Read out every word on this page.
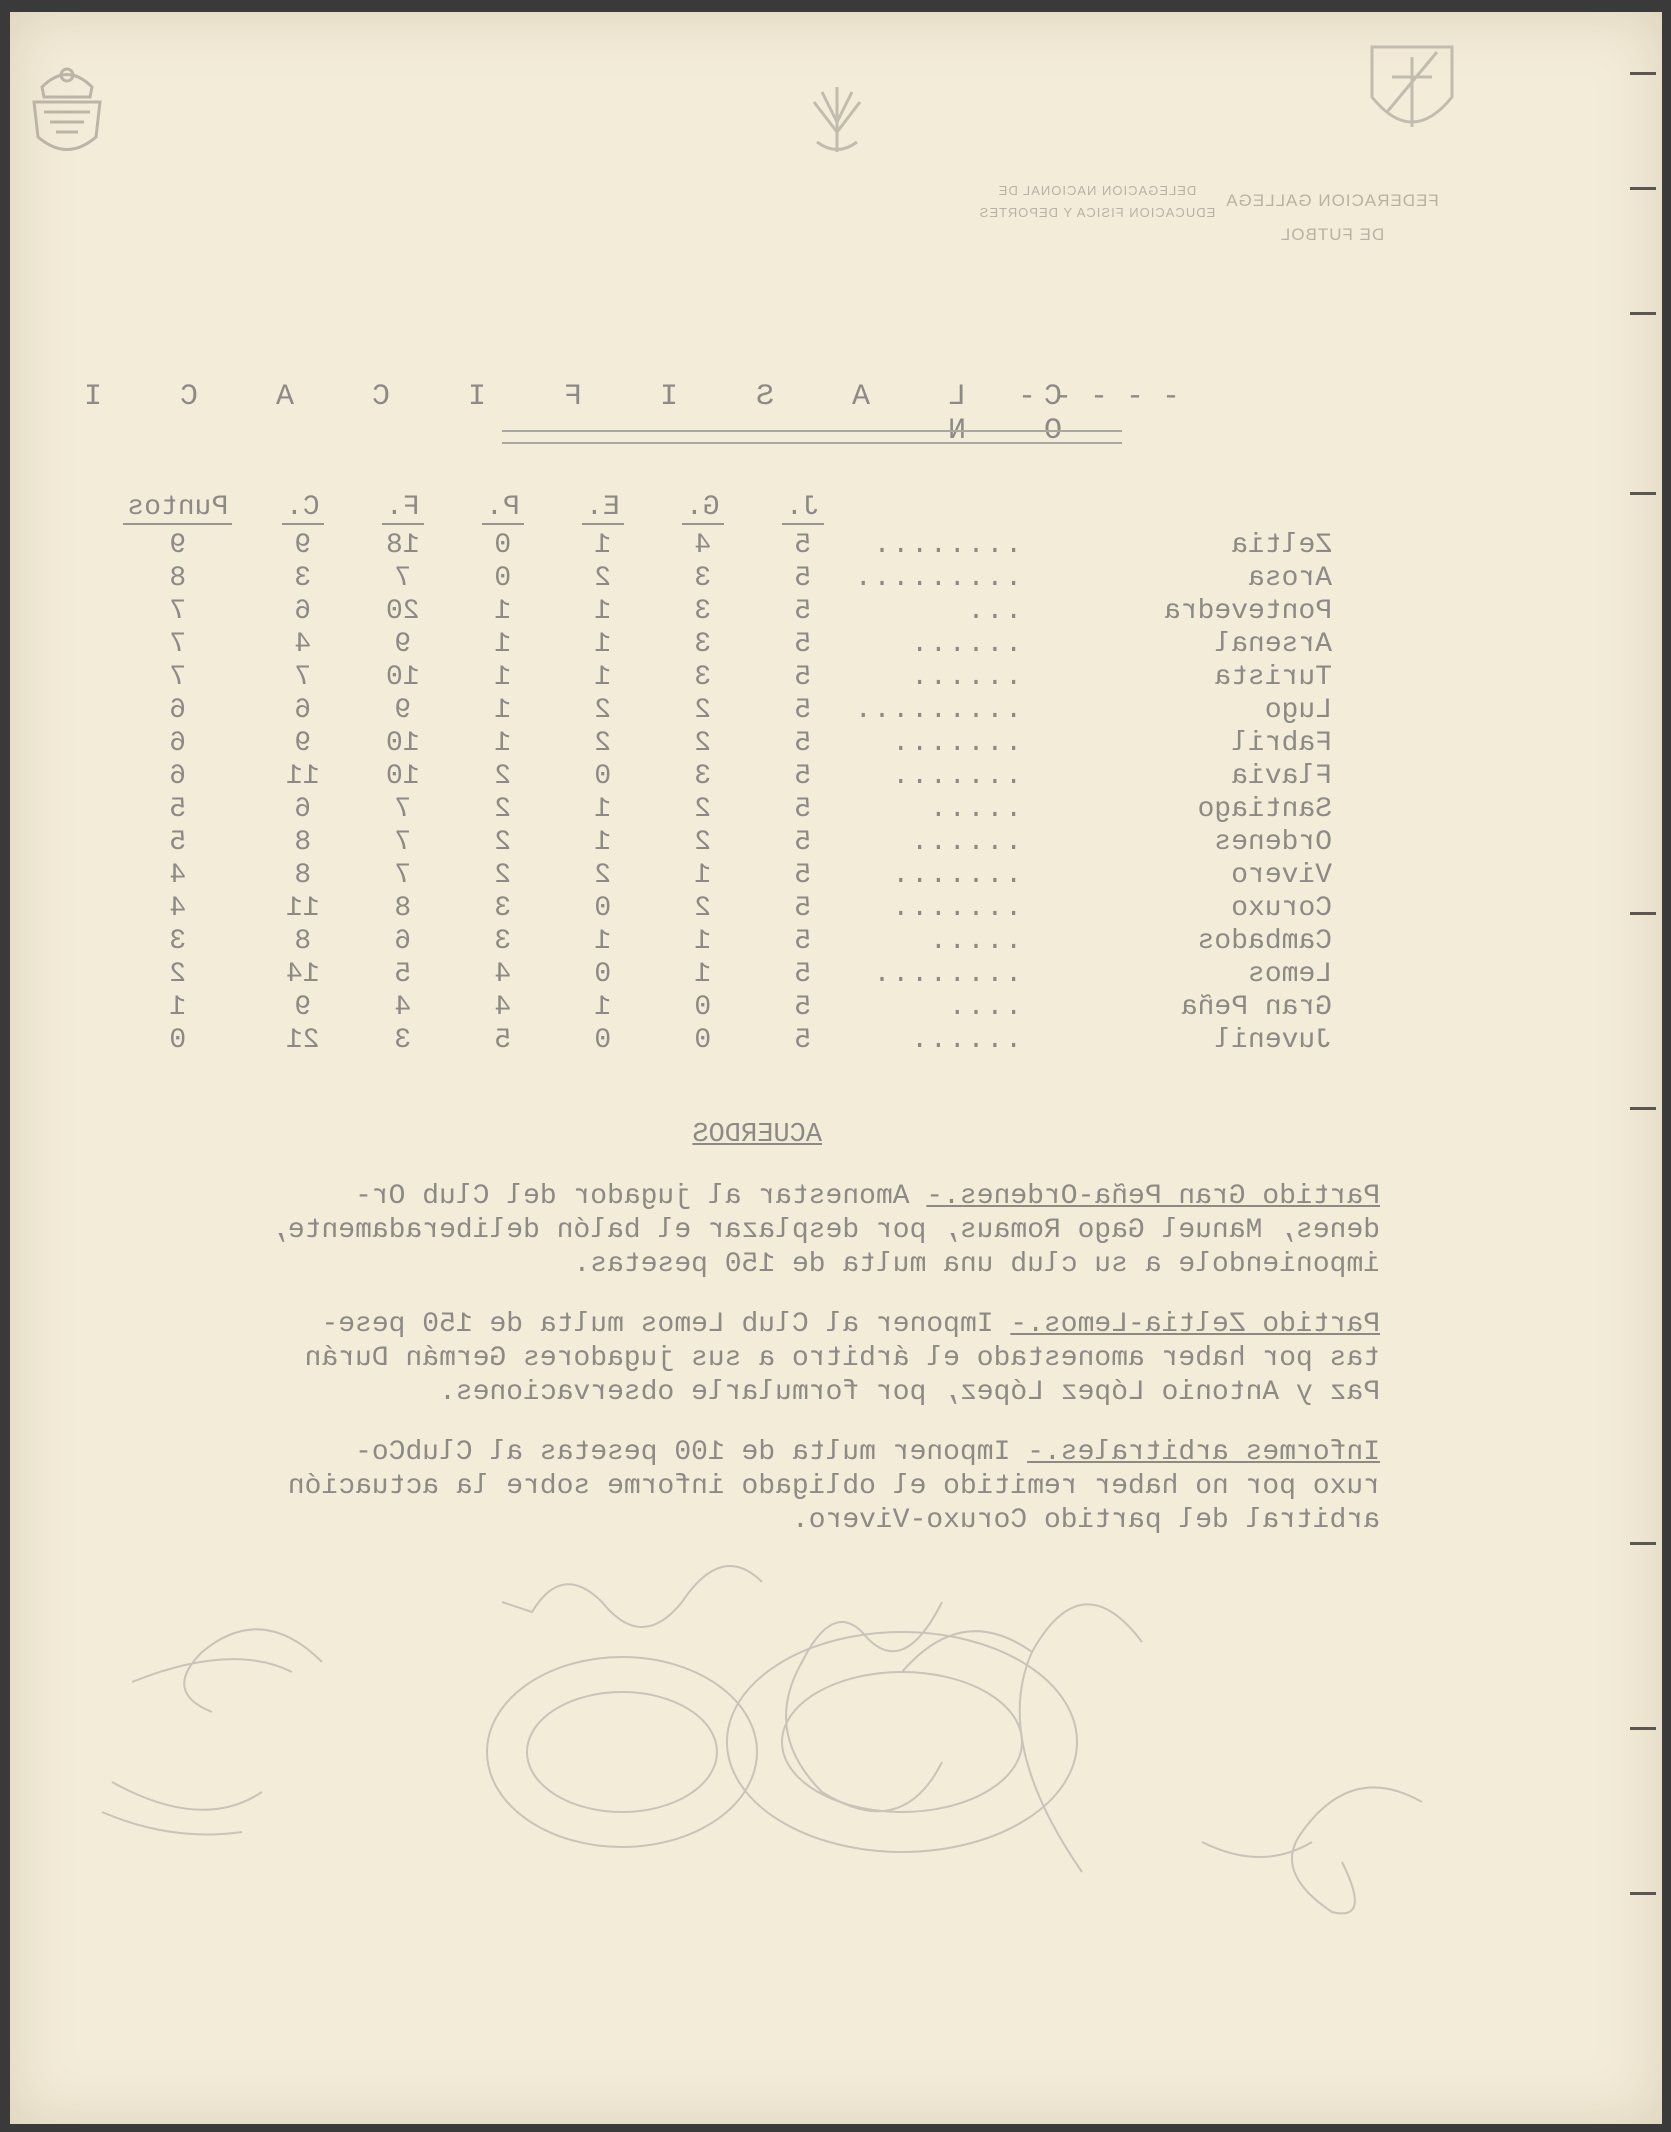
DELEGACION NACIONAL DE
EDUCACION FISICA Y DEPORTES
FEDERACION GALLEGA
DE FUTBOL
- - - - -
C L A S I F I C A C I O N
		J.	G.	E.	P.	F.	C.	Puntos
Zeltia	........	5	4	1	0	18	9	9
Arosa	.........	5	3	2	0	7	3	8
Pontevedra	...	5	3	1	1	20	6	7
Arsenal	......	5	3	1	1	9	4	7
Turista	......	5	3	1	1	10	7	7
Lugo	.........	5	2	2	1	9	6	6
Fabril	.......	5	2	2	1	10	9	6
Flavia	.......	5	3	0	2	10	11	6
Santiago	.....	5	2	1	2	7	6	5
Ordenes	......	5	2	1	2	7	8	5
Vivero	.......	5	1	2	2	7	8	4
Coruxo	.......	5	2	0	3	8	11	4
Cambados	.....	5	1	1	3	6	8	3
Lemos	........	5	1	0	4	5	14	2
Gran Peña	....	5	0	1	4	4	9	1
Juvenil	......	5	0	0	5	3	21	0
ACUERDOS
Partido Gran Peña-Ordenes.- Amonestar al jugador del Club Or-
denes, Manuel Gago Romaus, por desplazar el balón deliberadamente,
imponiendole a su club una multa de 150 pesetas.
Partido Zeltia-Lemos.- Imponer al Club Lemos multa de 150 pese-
tas por haber amonestado el árbitro a sus jugadores Germán Durán
Paz y Antonio López López, por formularle observaciones.
Informes arbitrales.- Imponer multa de 100 pesetas al ClubCo-
ruxo por no haber remitido el obligado informe sobre la actuación
arbitral del partido Coruxo-Vivero.
